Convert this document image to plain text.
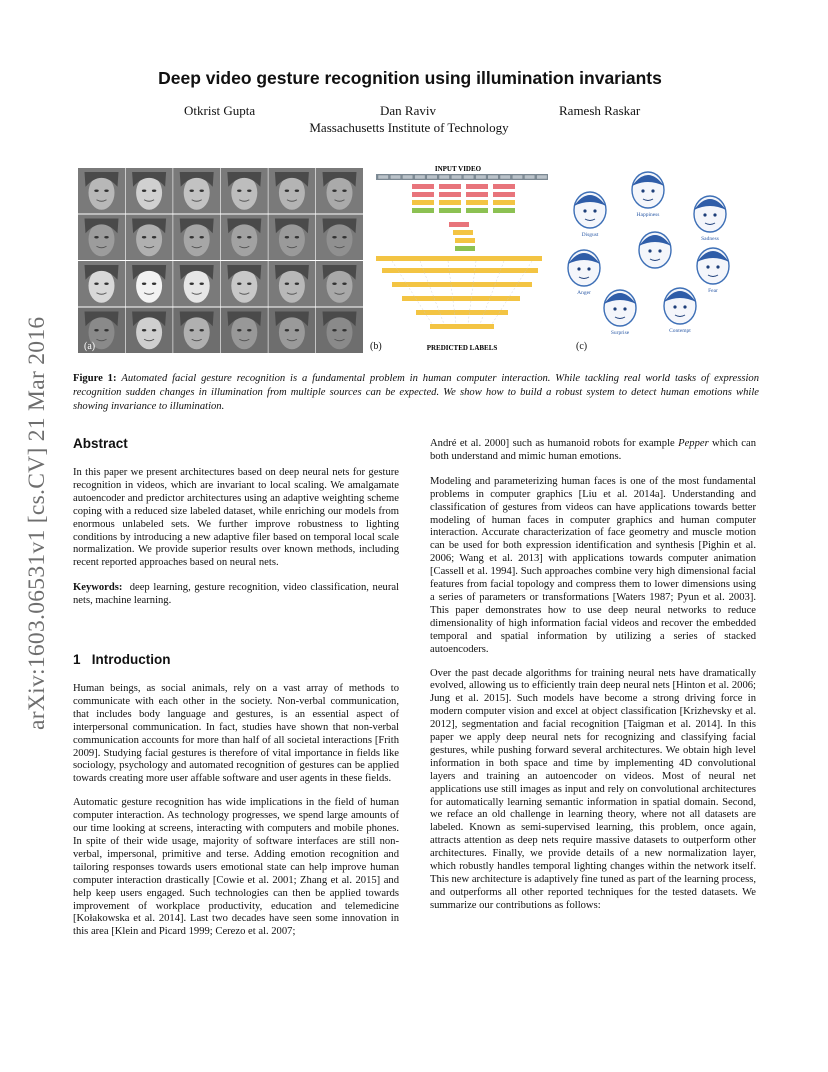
arXiv:1603.06531v1 [cs.CV] 21 Mar 2016
Deep video gesture recognition using illumination invariants
Otkrist Gupta	Dan Raviv	Ramesh Raskar
Massachusetts Institute of Technology
(a)
INPUT VIDEO
PREDICTED LABELS
(b)
Happiness
Disgust
Sadness
Anger	Fear
Surprise	Contempt
(c)
Figure 1: Automated facial gesture recognition is a fundamental problem in human computer interaction. While tackling real world tasks of expression recognition sudden changes in illumination from multiple sources can be expected. We show how to build a robust system to detect human emotions while showing invariance to illumination.
Abstract

In this paper we present architectures based on deep neural nets for gesture recognition in videos, which are invariant to local scaling. We amalgamate autoencoder and predictor architectures using an adaptive weighting scheme coping with a reduced size labeled dataset, while enriching our models from enormous unlabeled sets. We further improve robustness to lighting conditions by introducing a new adaptive filer based on temporal local scale normalization. We provide superior results over known methods, including recent reported approaches based on neural nets.

Keywords: deep learning, gesture recognition, video classification, neural nets, machine learning.

1 Introduction

Human beings, as social animals, rely on a vast array of methods to communicate with each other in the society. Non-verbal communication, that includes body language and gestures, is an essential aspect of interpersonal communication. In fact, studies have shown that non-verbal communication accounts for more than half of all societal interactions [Frith 2009]. Studying facial gestures is therefore of vital importance in fields like sociology, psychology and automated recognition of gestures can be applied towards creating more user affable software and user agents in these fields.

Automatic gesture recognition has wide implications in the field of human computer interaction. As technology progresses, we spend large amounts of our time looking at screens, interacting with computers and mobile phones. In spite of their wide usage, majority of software interfaces are still non-verbal, impersonal, primitive and terse. Adding emotion recognition and tailoring responses towards users emotional state can help improve human computer interaction drastically [Cowie et al. 2001; Zhang et al. 2015] and help keep users engaged. Such technologies can then be applied towards improvement of workplace productivity, education and telemedicine [Kołakowska et al. 2014]. Last two decades have seen some innovation in this area [Klein and Picard 1999; Cerezo et al. 2007;

André et al. 2000] such as humanoid robots for example Pepper which can both understand and mimic human emotions.

Modeling and parameterizing human faces is one of the most fundamental problems in computer graphics [Liu et al. 2014a]. Understanding and classification of gestures from videos can have applications towards better modeling of human faces in computer graphics and human computer interaction. Accurate characterization of face geometry and muscle motion can be used for both expression identification and synthesis [Pighin et al. 2006; Wang et al. 2013] with applications towards computer animation [Cassell et al. 1994]. Such approaches combine very high dimensional facial features from facial topology and compress them to lower dimensions using a series of parameters or transformations [Waters 1987; Pyun et al. 2003]. This paper demonstrates how to use deep neural networks to reduce dimensionality of high information facial videos and recover the embedded temporal and spatial information by utilizing a series of stacked autoencoders.

Over the past decade algorithms for training neural nets have dramatically evolved, allowing us to efficiently train deep neural nets [Hinton et al. 2006; Jung et al. 2015]. Such models have become a strong driving force in modern computer vision and excel at object classification [Krizhevsky et al. 2012], segmentation and facial recognition [Taigman et al. 2014]. In this paper we apply deep neural nets for recognizing and classifying facial gestures, while pushing forward several architectures. We obtain high level information in both space and time by implementing 4D convolutional layers and training an autoencoder on videos. Most of neural net applications use still images as input and rely on convolutional architectures for automatically learning semantic information in spatial domain. Second, we reface an old challenge in learning theory, where not all datasets are labeled. Known as semi-supervised learning, this problem, once again, attracts attention as deep nets require massive datasets to outperform other architectures. Finally, we provide details of a new normalization layer, which robustly handles temporal lighting changes within the network itself. This new architecture is adaptively fine tuned as part of the learning process, and outperforms all other reported techniques for the tested datasets. We summarize our contributions as follows:
